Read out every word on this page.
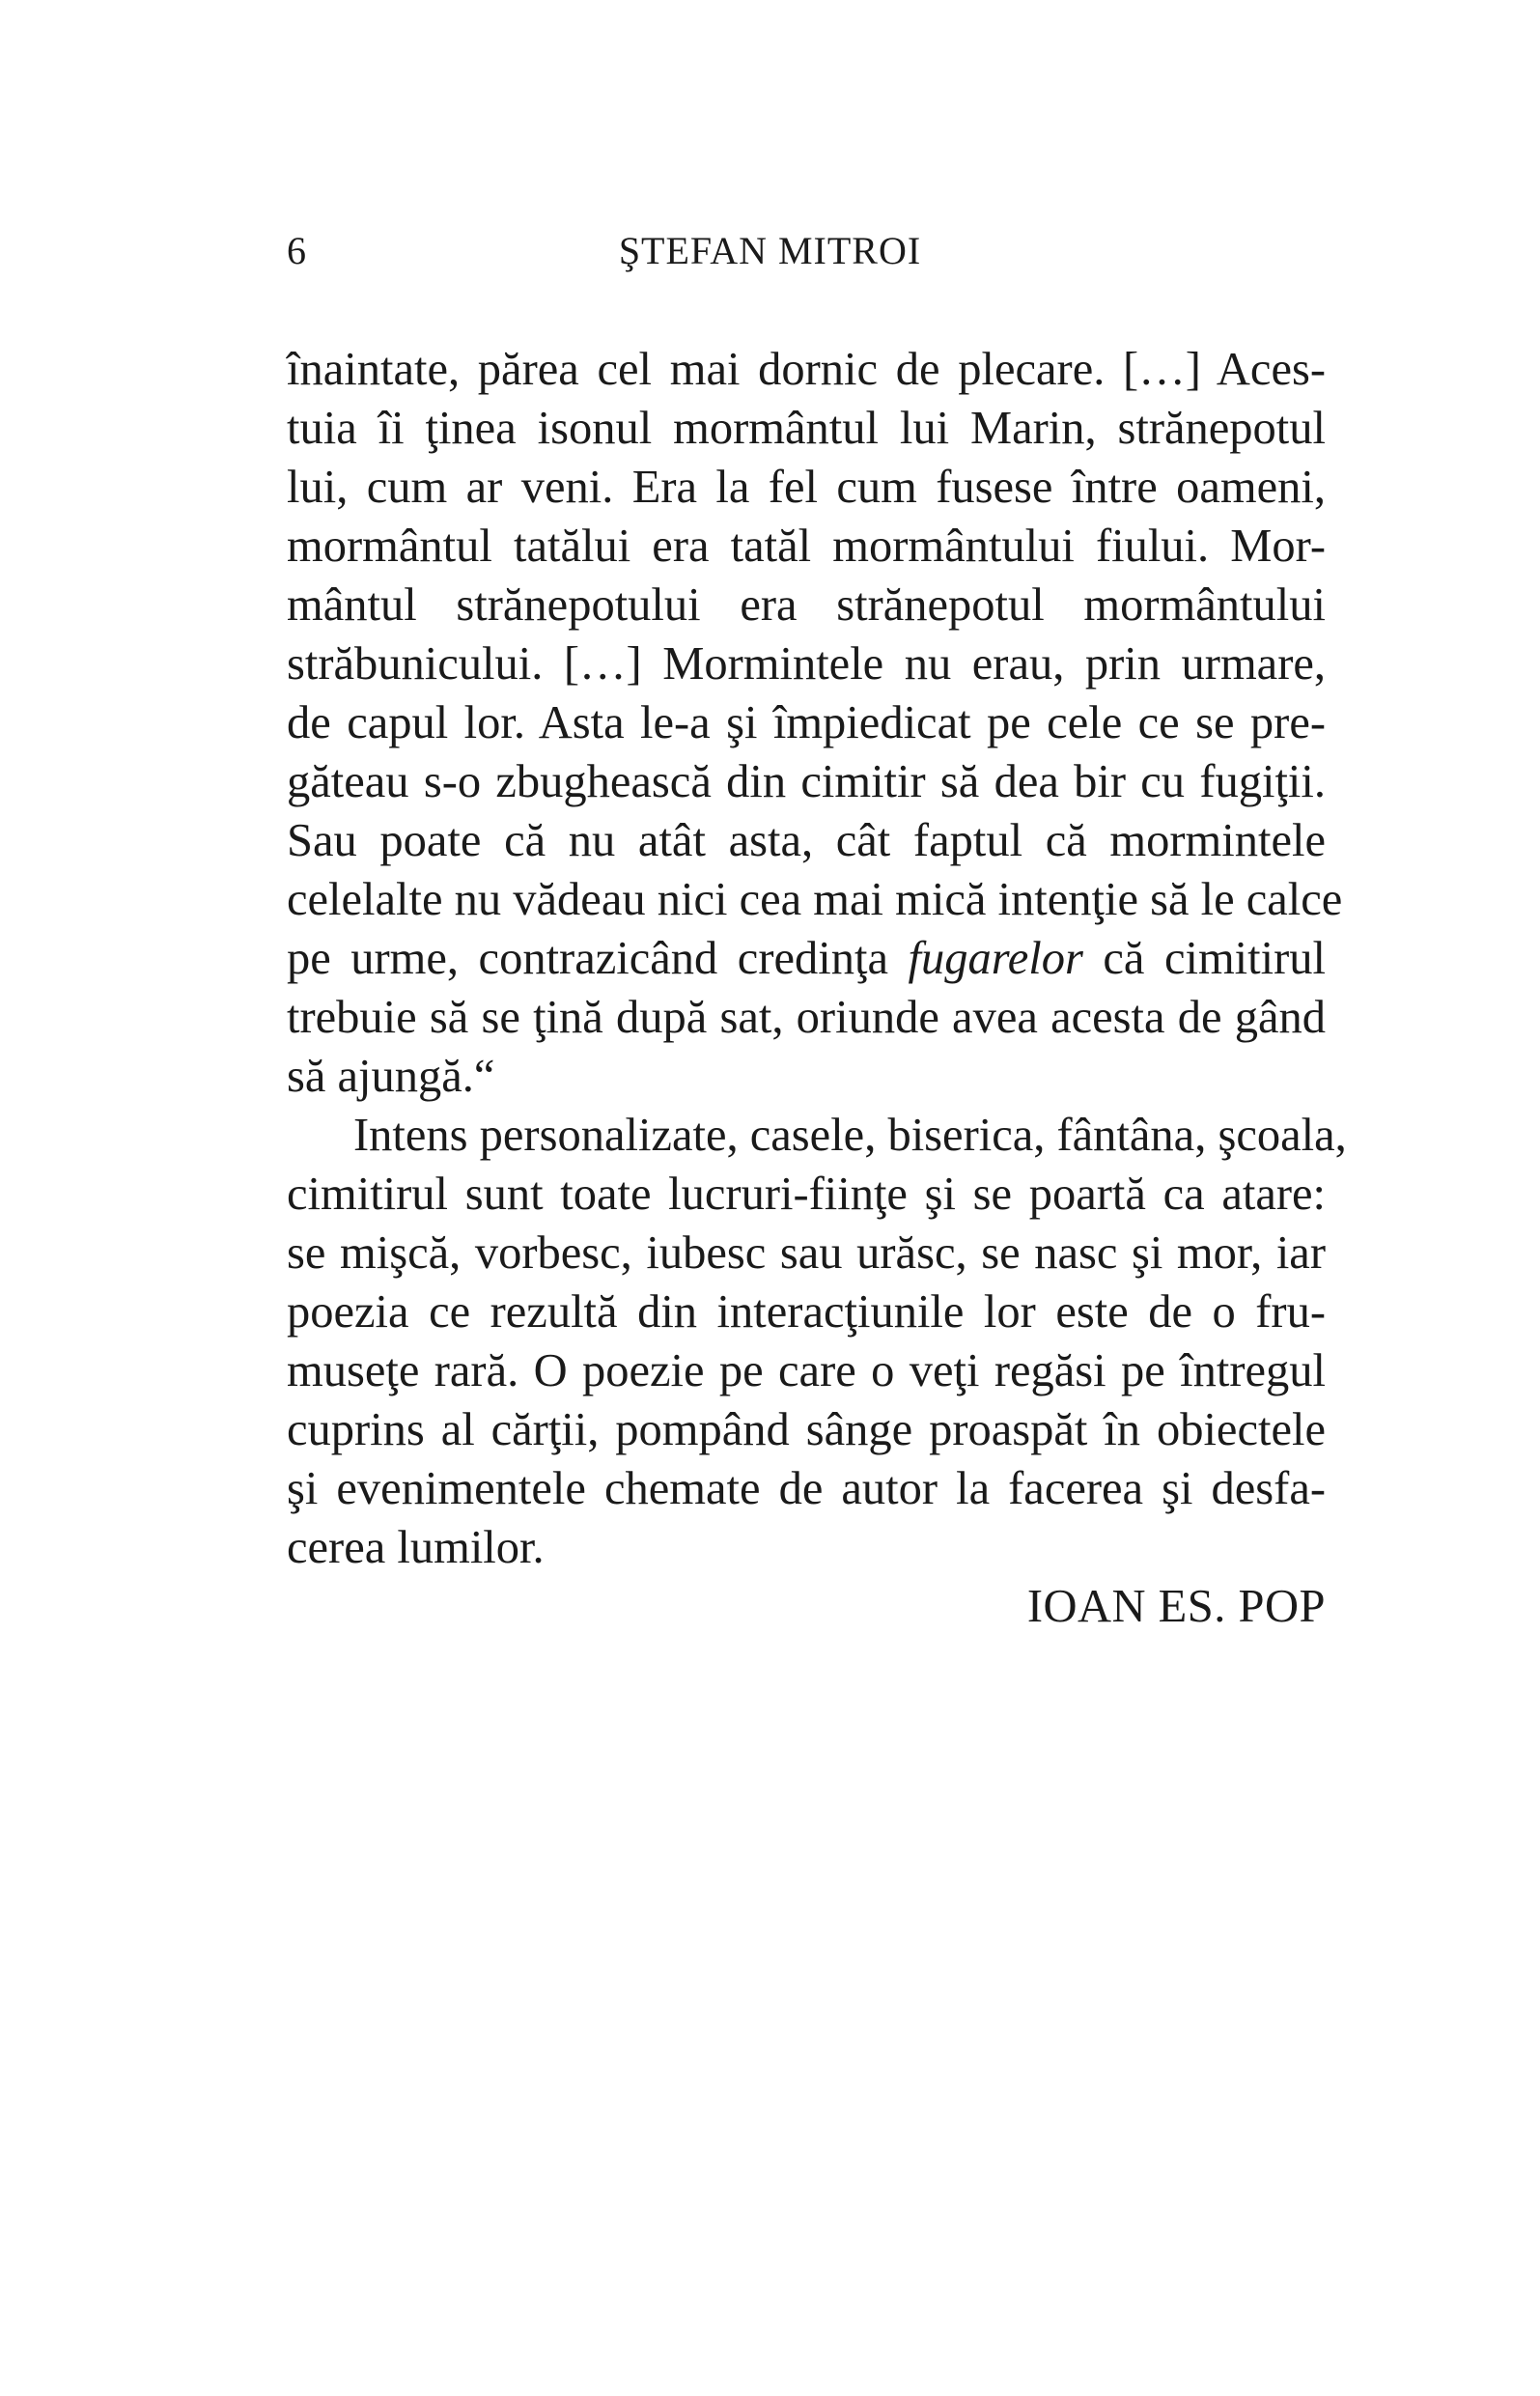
6	ŞTEFAN MITROI
înaintate, părea cel mai dornic de plecare. […] Aces-
tuia îi ţinea isonul mormântul lui Marin, strănepotul
lui, cum ar veni. Era la fel cum fusese între oameni,
mormântul tatălui era tatăl mormântului fiului. Mor-
mântul strănepotului era strănepotul mormântului
străbunicului. […] Mormintele nu erau, prin urmare,
de capul lor. Asta le-a şi împiedicat pe cele ce se pre-
găteau s-o zbughească din cimitir să dea bir cu fugiţii.
Sau poate că nu atât asta, cât faptul că mormintele
celelalte nu vădeau nici cea mai mică intenţie să le calce
pe urme, contrazicând credinţa fugarelor că cimitirul
trebuie să se ţină după sat, oriunde avea acesta de gând
să ajungă.“
Intens personalizate, casele, biserica, fântâna, şcoala,
cimitirul sunt toate lucruri-fiinţe şi se poartă ca atare:
se mişcă, vorbesc, iubesc sau urăsc, se nasc şi mor, iar
poezia ce rezultă din interacţiunile lor este de o fru-
museţe rară. O poezie pe care o veţi regăsi pe întregul
cuprins al cărţii, pompând sânge proaspăt în obiectele
şi evenimentele chemate de autor la facerea şi desfa-
cerea lumilor.
IOAN ES. POP
